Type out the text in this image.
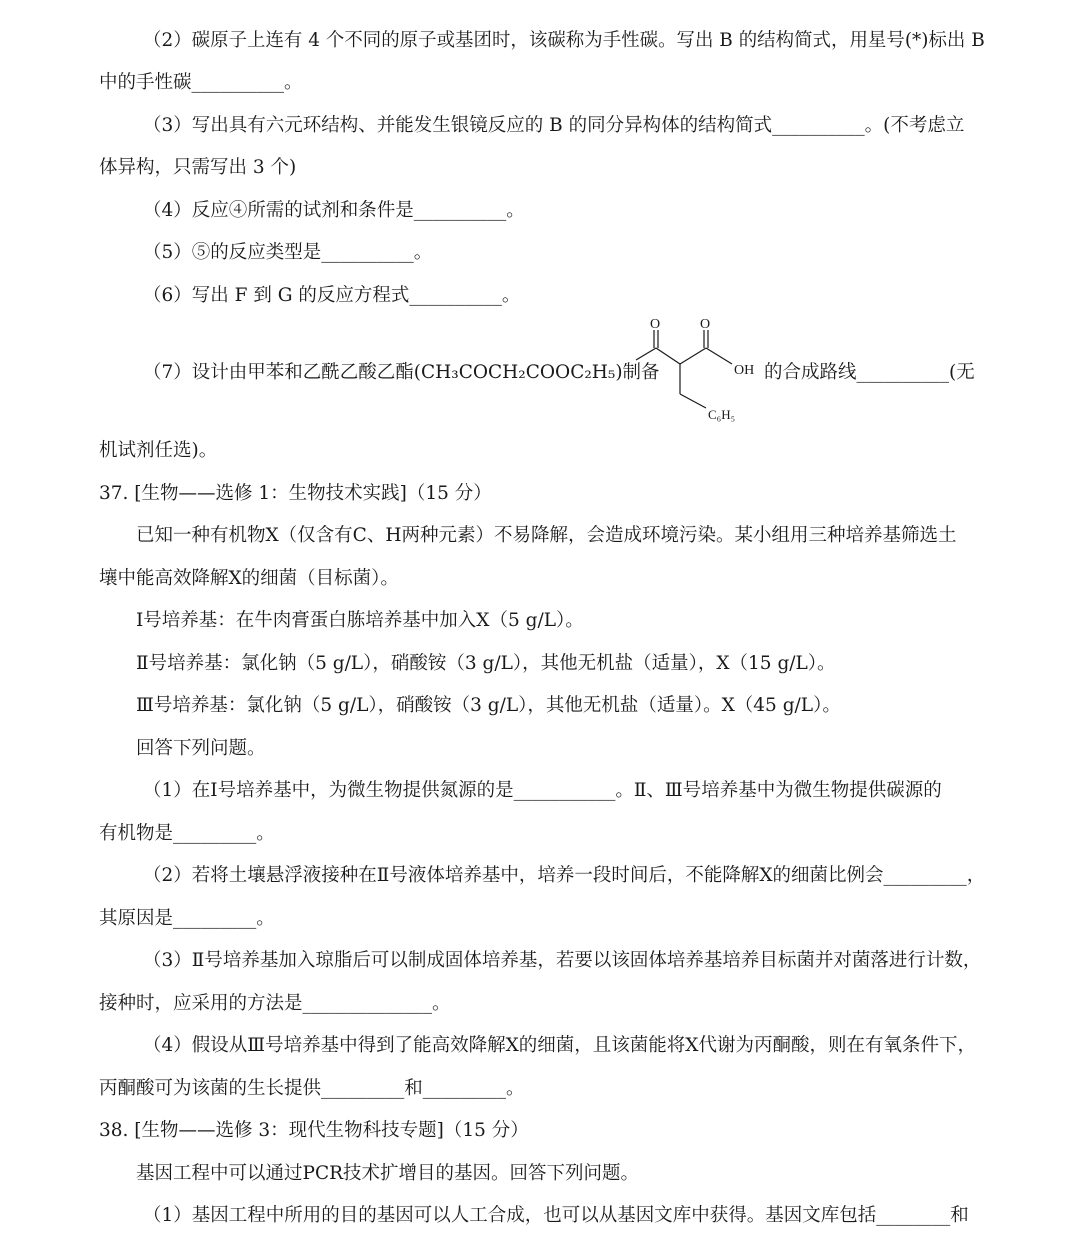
（2）碳原子上连有 4 个不同的原子或基团时，该碳称为手性碳。写出 B 的结构简式，用星号(*)标出 B
中的手性碳__________。
（3）写出具有六元环结构、并能发生银镜反应的 B 的同分异构体的结构简式__________。(不考虑立
体异构，只需写出 3 个)
（4）反应④所需的试剂和条件是__________。
（5）⑤的反应类型是__________。
（6）写出 F 到 G 的反应方程式__________。
（7）设计由甲苯和乙酰乙酸乙酯(CH₃COCH₂COOC₂H₅)制备
O	O
OH
C₆H₅
的合成路线__________(无
机试剂任选)。
37. [生物——选修 1：生物技术实践]（15 分）
已知一种有机物X（仅含有C、H两种元素）不易降解，会造成环境污染。某小组用三种培养基筛选土
壤中能高效降解X的细菌（目标菌）。
Ⅰ号培养基：在牛肉膏蛋白胨培养基中加入X（5 g/L）。
Ⅱ号培养基：氯化钠（5 g/L），硝酸铵（3 g/L），其他无机盐（适量），X（15 g/L）。
Ⅲ号培养基：氯化钠（5 g/L），硝酸铵（3 g/L），其他无机盐（适量）。X（45 g/L）。
回答下列问题。
（1）在Ⅰ号培养基中，为微生物提供氮源的是___________。Ⅱ、Ⅲ号培养基中为微生物提供碳源的
有机物是_________。
（2）若将土壤悬浮液接种在Ⅱ号液体培养基中，培养一段时间后，不能降解X的细菌比例会_________，
其原因是_________。
（3）Ⅱ号培养基加入琼脂后可以制成固体培养基，若要以该固体培养基培养目标菌并对菌落进行计数，
接种时，应采用的方法是______________。
（4）假设从Ⅲ号培养基中得到了能高效降解X的细菌，且该菌能将X代谢为丙酮酸，则在有氧条件下，
丙酮酸可为该菌的生长提供_________和_________。
38. [生物——选修 3：现代生物科技专题]（15 分）
基因工程中可以通过PCR技术扩增目的基因。回答下列问题。
（1）基因工程中所用的目的基因可以人工合成，也可以从基因文库中获得。基因文库包括________和
